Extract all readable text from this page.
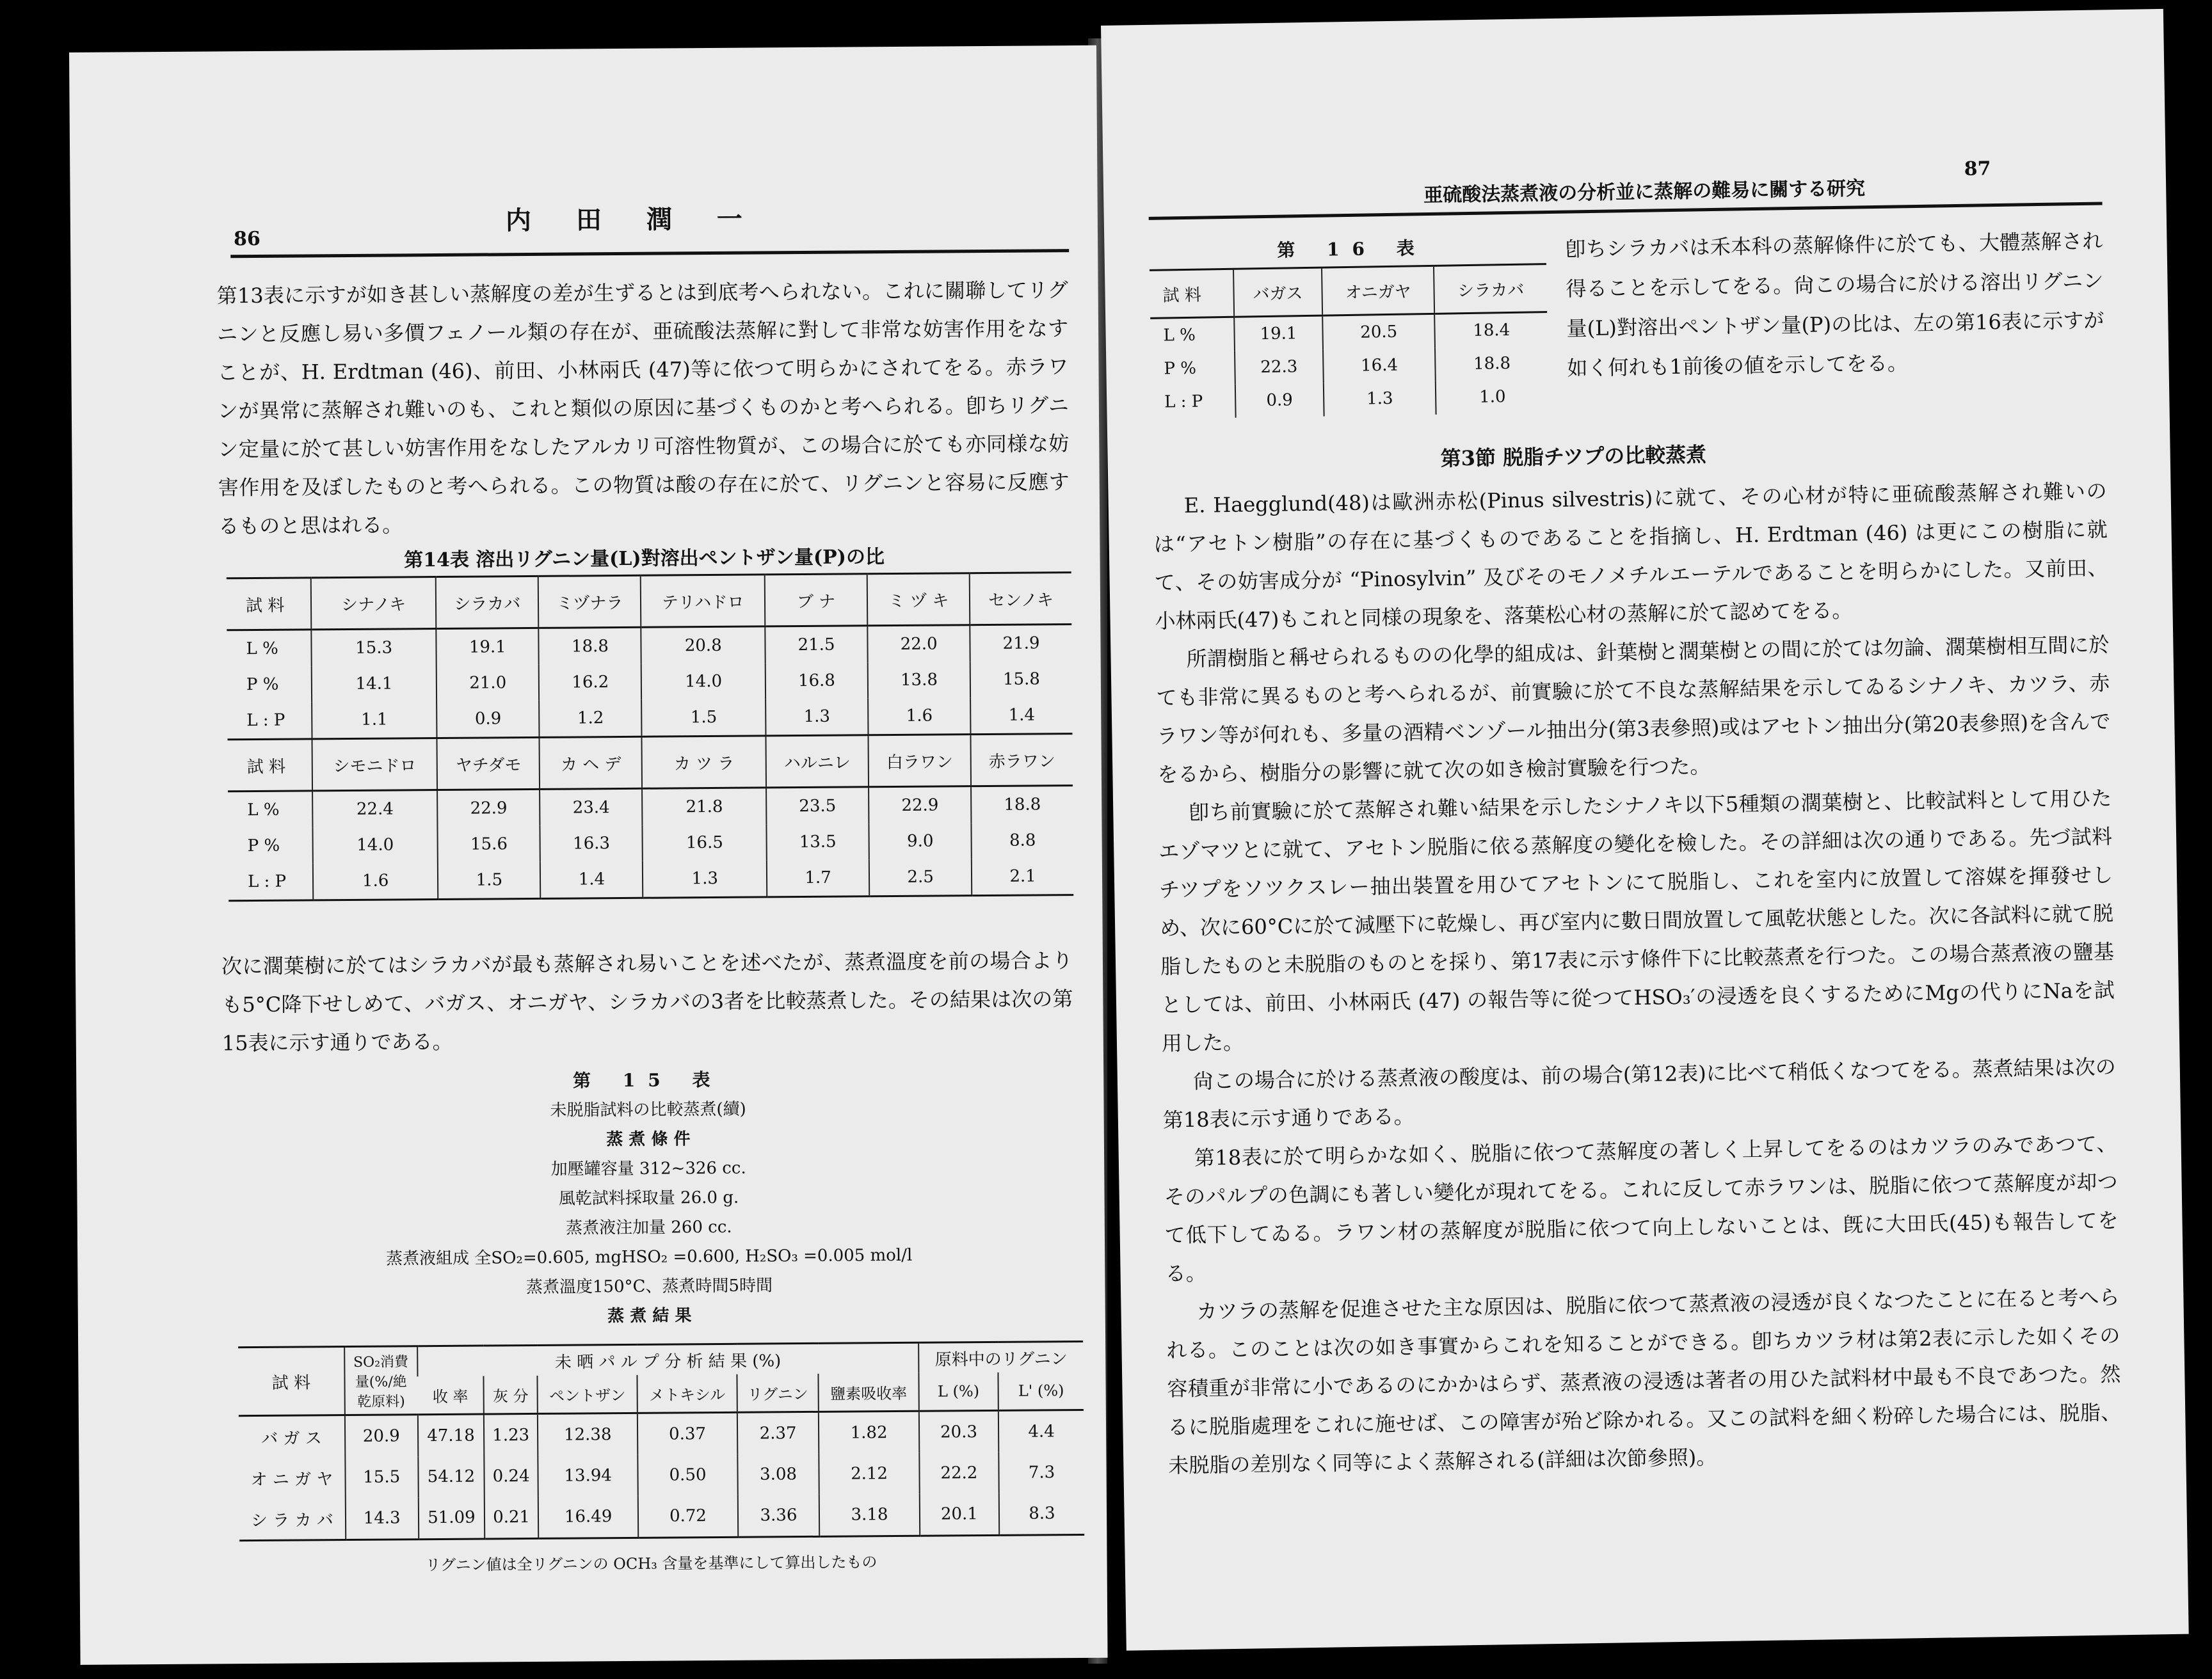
86
内田潤一

第13表に示すが如き甚しい蒸解度の差が生ずるとは到底考へられない。これに關聯してリグニンと反應し易い多價フェノール類の存在が、亜硫酸法蒸解に對して非常な妨害作用をなすことが、H. Erdtman (46)、前田、小林兩氏 (47)等に依つて明らかにされてをる。赤ラワンが異常に蒸解され難いのも、これと類似の原因に基づくものかと考へられる。卽ちリグニン定量に於て甚しい妨害作用をなしたアルカリ可溶性物質が、この場合に於ても亦同様な妨害作用を及ぼしたものと考へられる。この物質は酸の存在に於て、リグニンと容易に反應するものと思はれる。

第14表 溶出リグニン量(L)對溶出ペントザン量(P)の比
試 料	シナノキ	シラカバ	ミヅナラ	テリハドロ	ブ ナ	ミ ヅ キ	センノキ
L %	15.3	19.1	18.8	20.8	21.5	22.0	21.9
P %	14.1	21.0	16.2	14.0	16.8	13.8	15.8
L : P	1.1	0.9	1.2	1.5	1.3	1.6	1.4
試 料	シモニドロ	ヤチダモ	カ ヘ デ	カ ツ ラ	ハルニレ	白ラワン	赤ラワン
L %	22.4	22.9	23.4	21.8	23.5	22.9	18.8
P %	14.0	15.6	16.3	16.5	13.5	9.0	8.8
L : P	1.6	1.5	1.4	1.3	1.7	2.5	2.1

次に濶葉樹に於てはシラカバが最も蒸解され易いことを述べたが、蒸煮溫度を前の場合よりも5°C降下せしめて、バガス、オニガヤ、シラカバの3者を比較蒸煮した。その結果は次の第15表に示す通りである。

第 15 表
未脱脂試料の比較蒸煮(續)
蒸 煮 條 件
加壓罐容量 312~326 cc.
風乾試料採取量 26.0 g.
蒸煮液注加量 260 cc.
蒸煮液組成 全SO₂=0.605, mgHSO₂ =0.600, H₂SO₃ =0.005 mol/l
蒸煮溫度150°C、蒸煮時間5時間
蒸 煮 結 果
試 料	SO₂消費量(%/絶乾原料)	未 晒 パ ル プ 分 析 結 果 (%)						原料中のリグニン	
		收 率	灰 分	ペントザン	メトキシル	リグニン	鹽素吸收率	L (%)	L' (%)
バ ガ ス	20.9	47.18	1.23	12.38	0.37	2.37	1.82	20.3	4.4
オ ニ ガ ヤ	15.5	54.12	0.24	13.94	0.50	3.08	2.12	22.2	7.3
シ ラ カ バ	14.3	51.09	0.21	16.49	0.72	3.36	3.18	20.1	8.3
リグニン値は全リグニンの OCH₃ 含量を基準にして算出したもの
亜硫酸法蒸煮液の分析並に蒸解の難易に關する研究
87
第 16 表			
試 料	バガス	オニガヤ	シラカバ
L %	19.1	20.5	18.4
P %	22.3	16.4	18.8
L : P	0.9	1.3	1.0

卽ちシラカバは禾本科の蒸解條件に於ても、大體蒸解され得ることを示してをる。尙この場合に於ける溶出リグニン量(L)對溶出ペントザン量(P)の比は、左の第16表に示すが如く何れも1前後の値を示してをる。

第3節 脱脂チツプの比較蒸煮

E. Haegglund(48)は歐洲赤松(Pinus silvestris)に就て、その心材が特に亜硫酸蒸解され難いのは“アセトン樹脂”の存在に基づくものであることを指摘し、H. Erdtman (46) は更にこの樹脂に就て、その妨害成分が “Pinosylvin” 及びそのモノメチルエーテルであることを明らかにした。又前田、小林兩氏(47)もこれと同様の現象を、落葉松心材の蒸解に於て認めてをる。

所謂樹脂と稱せられるものの化學的組成は、針葉樹と濶葉樹との間に於ては勿論、濶葉樹相互間に於ても非常に異るものと考へられるが、前實驗に於て不良な蒸解結果を示してゐるシナノキ、カツラ、赤ラワン等が何れも、多量の酒精ベンゾール抽出分(第3表參照)或はアセトン抽出分(第20表參照)を含んでをるから、樹脂分の影響に就て次の如き檢討實驗を行つた。

卽ち前實驗に於て蒸解され難い結果を示したシナノキ以下5種類の濶葉樹と、比較試料として用ひたエゾマツとに就て、アセトン脱脂に依る蒸解度の變化を檢した。その詳細は次の通りである。先づ試料チツプをソツクスレー抽出裝置を用ひてアセトンにて脱脂し、これを室内に放置して溶媒を揮發せしめ、次に60°Cに於て減壓下に乾燥し、再び室内に數日間放置して風乾状態とした。次に各試料に就て脱脂したものと未脱脂のものとを採り、第17表に示す條件下に比較蒸煮を行つた。この場合蒸煮液の鹽基としては、前田、小林兩氏 (47) の報告等に從つてHSO₃′の浸透を良くするためにMgの代りにNaを試用した。

尙この場合に於ける蒸煮液の酸度は、前の場合(第12表)に比べて稍低くなつてをる。蒸煮結果は次の第18表に示す通りである。

第18表に於て明らかな如く、脱脂に依つて蒸解度の著しく上昇してをるのはカツラのみであつて、そのパルプの色調にも著しい變化が現れてをる。これに反して赤ラワンは、脱脂に依つて蒸解度が却つて低下してゐる。ラワン材の蒸解度が脱脂に依つて向上しないことは、旣に大田氏(45)も報告してをる。

カツラの蒸解を促進させた主な原因は、脱脂に依つて蒸煮液の浸透が良くなつたことに在ると考へられる。このことは次の如き事實からこれを知ることができる。卽ちカツラ材は第2表に示した如くその容積重が非常に小であるのにかかはらず、蒸煮液の浸透は著者の用ひた試料材中最も不良であつた。然るに脱脂處理をこれに施せば、この障害が殆ど除かれる。又この試料を細く粉碎した場合には、脱脂、未脱脂の差別なく同等によく蒸解される(詳細は次節參照)。
